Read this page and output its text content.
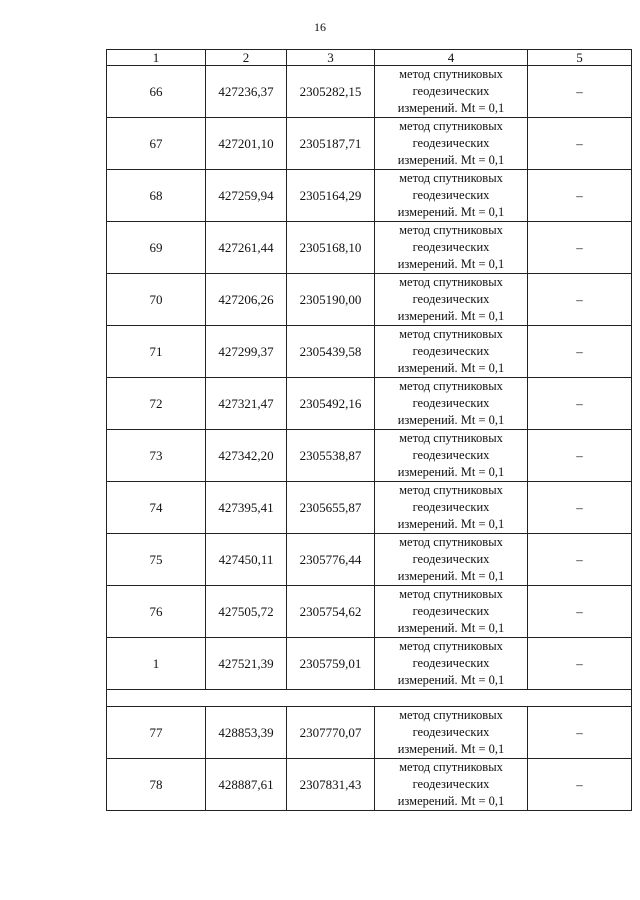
16
1	2	3	4	5
66	427236,37	2305282,15	метод спутниковых
геодезических
измерений. Mt = 0,1	–
67	427201,10	2305187,71	метод спутниковых
геодезических
измерений. Mt = 0,1	–
68	427259,94	2305164,29	метод спутниковых
геодезических
измерений. Mt = 0,1	–
69	427261,44	2305168,10	метод спутниковых
геодезических
измерений. Mt = 0,1	–
70	427206,26	2305190,00	метод спутниковых
геодезических
измерений. Mt = 0,1	–
71	427299,37	2305439,58	метод спутниковых
геодезических
измерений. Mt = 0,1	–
72	427321,47	2305492,16	метод спутниковых
геодезических
измерений. Mt = 0,1	–
73	427342,20	2305538,87	метод спутниковых
геодезических
измерений. Mt = 0,1	–
74	427395,41	2305655,87	метод спутниковых
геодезических
измерений. Mt = 0,1	–
75	427450,11	2305776,44	метод спутниковых
геодезических
измерений. Mt = 0,1	–
76	427505,72	2305754,62	метод спутниковых
геодезических
измерений. Mt = 0,1	–
1	427521,39	2305759,01	метод спутниковых
геодезических
измерений. Mt = 0,1	–

77	428853,39	2307770,07	метод спутниковых
геодезических
измерений. Mt = 0,1	–
78	428887,61	2307831,43	метод спутниковых
геодезических
измерений. Mt = 0,1	–
